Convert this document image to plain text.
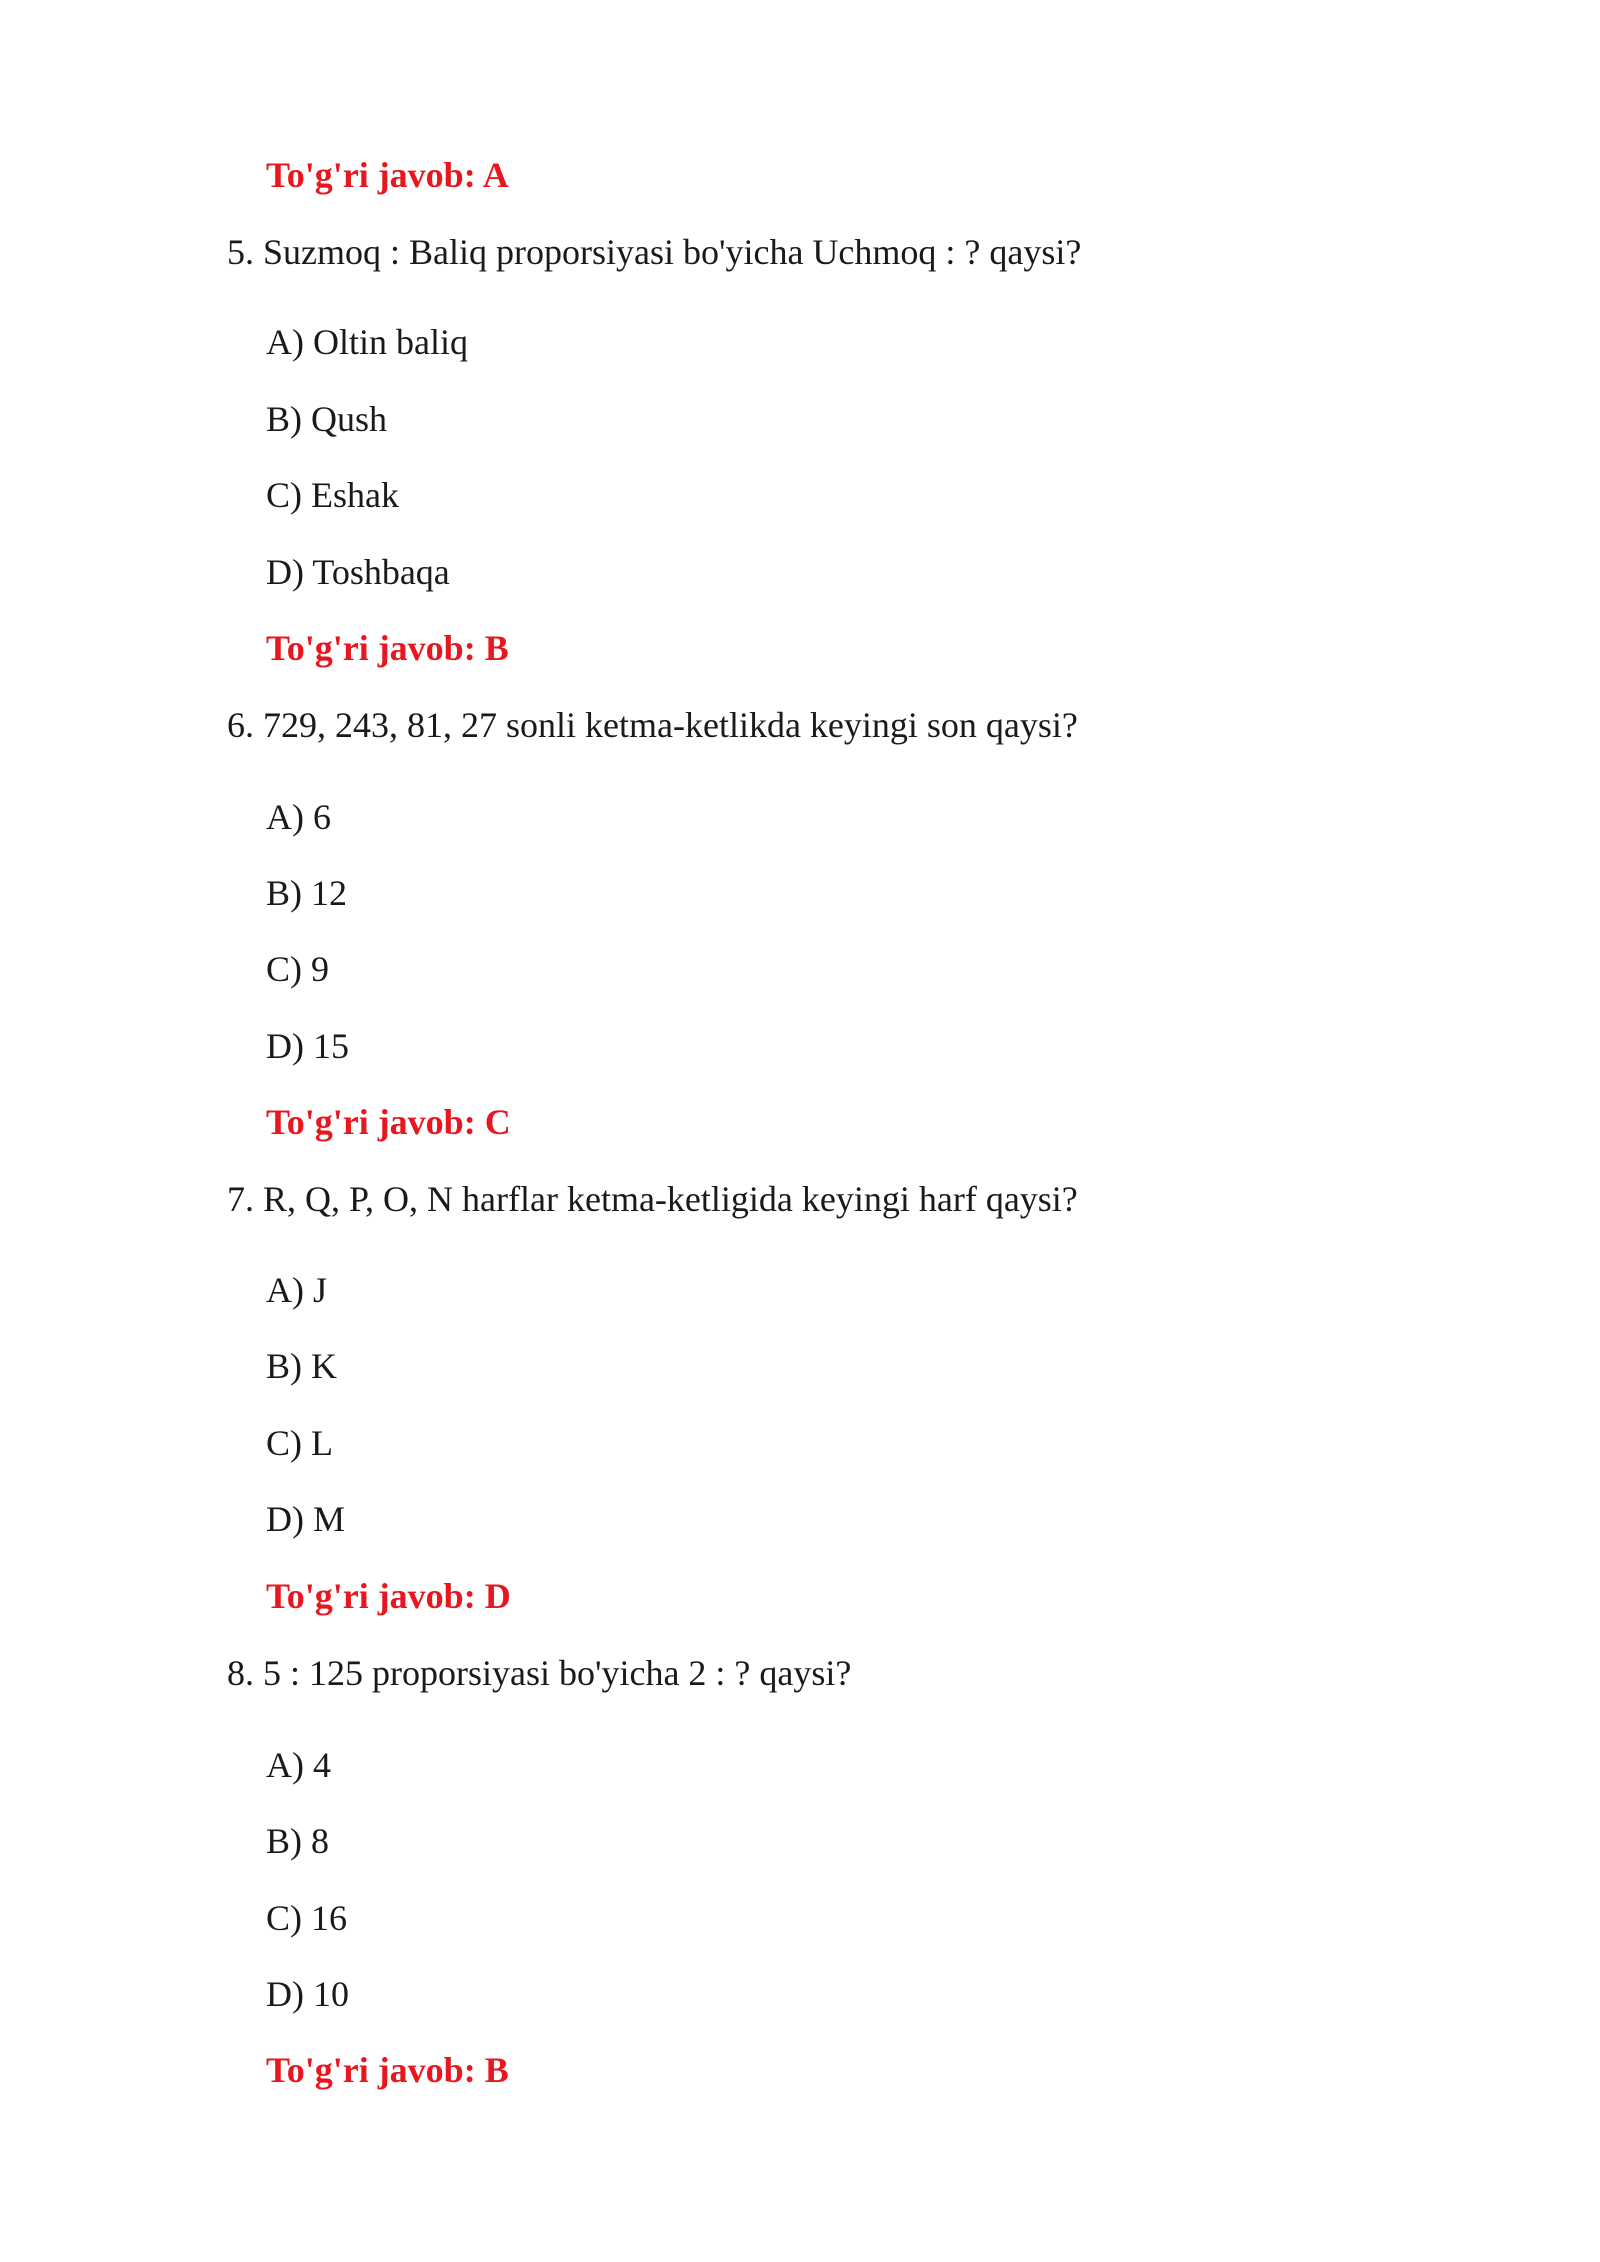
To'g'ri javob: A
5. Suzmoq : Baliq proporsiyasi bo'yicha Uchmoq : ? qaysi?
A) Oltin baliq
B) Qush
C) Eshak
D) Toshbaqa
To'g'ri javob: B
6. 729, 243, 81, 27 sonli ketma-ketlikda keyingi son qaysi?
A) 6
B) 12
C) 9
D) 15
To'g'ri javob: C
7. R, Q, P, O, N harflar ketma-ketligida keyingi harf qaysi?
A) J
B) K
C) L
D) M
To'g'ri javob: D
8. 5 : 125 proporsiyasi bo'yicha 2 : ? qaysi?
A) 4
B) 8
C) 16
D) 10
To'g'ri javob: B
